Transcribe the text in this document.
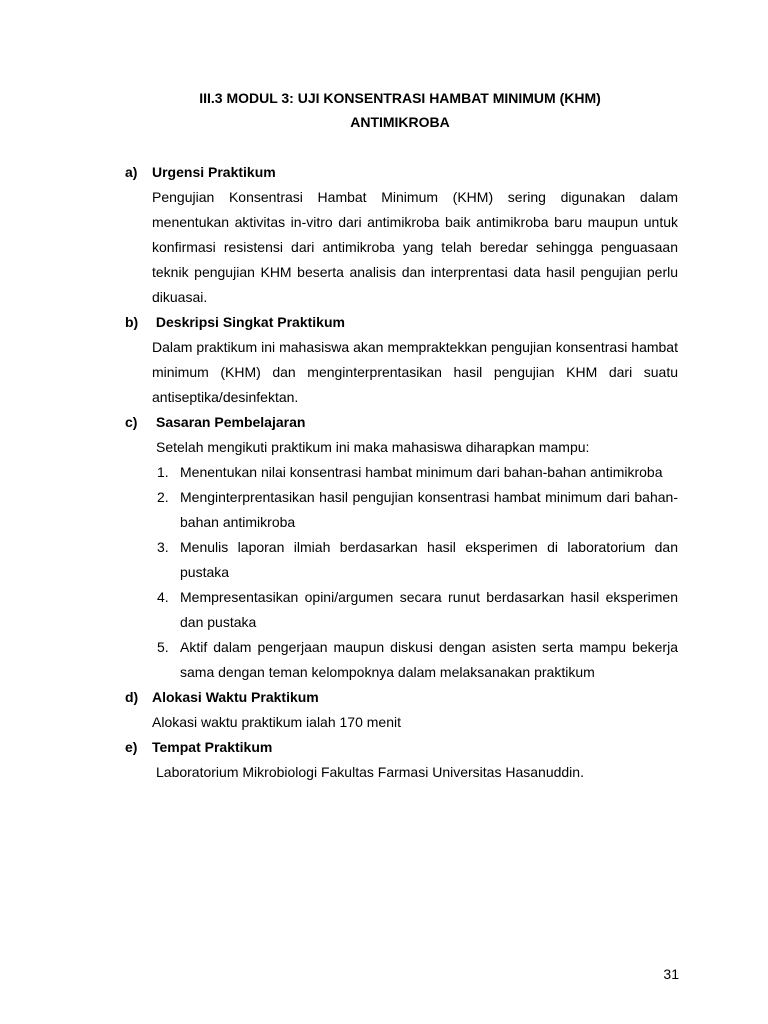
III.3 MODUL 3: UJI KONSENTRASI HAMBAT MINIMUM (KHM)
ANTIMIKROBA
a) Urgensi Praktikum
Pengujian Konsentrasi Hambat Minimum (KHM) sering digunakan dalam menentukan aktivitas in-vitro dari antimikroba baik antimikroba baru maupun untuk konfirmasi resistensi dari antimikroba yang telah beredar sehingga penguasaan teknik pengujian KHM beserta analisis dan interprentasi data hasil pengujian perlu dikuasai.
b) Deskripsi Singkat Praktikum
Dalam praktikum ini mahasiswa akan mempraktekkan pengujian konsentrasi hambat minimum (KHM) dan menginterprentasikan hasil pengujian KHM dari suatu antiseptika/desinfektan.
c) Sasaran Pembelajaran
Setelah mengikuti praktikum ini maka mahasiswa diharapkan mampu:
1. Menentukan nilai konsentrasi hambat minimum dari bahan-bahan antimikroba
2. Menginterprentasikan hasil pengujian konsentrasi hambat minimum dari bahan-bahan antimikroba
3. Menulis laporan ilmiah berdasarkan hasil eksperimen di laboratorium dan pustaka
4. Mempresentasikan opini/argumen secara runut berdasarkan hasil eksperimen dan pustaka
5. Aktif dalam pengerjaan maupun diskusi dengan asisten serta mampu bekerja sama dengan teman kelompoknya dalam melaksanakan praktikum
d) Alokasi Waktu Praktikum
Alokasi waktu praktikum ialah 170 menit
e) Tempat Praktikum
Laboratorium Mikrobiologi Fakultas Farmasi Universitas Hasanuddin.
31
